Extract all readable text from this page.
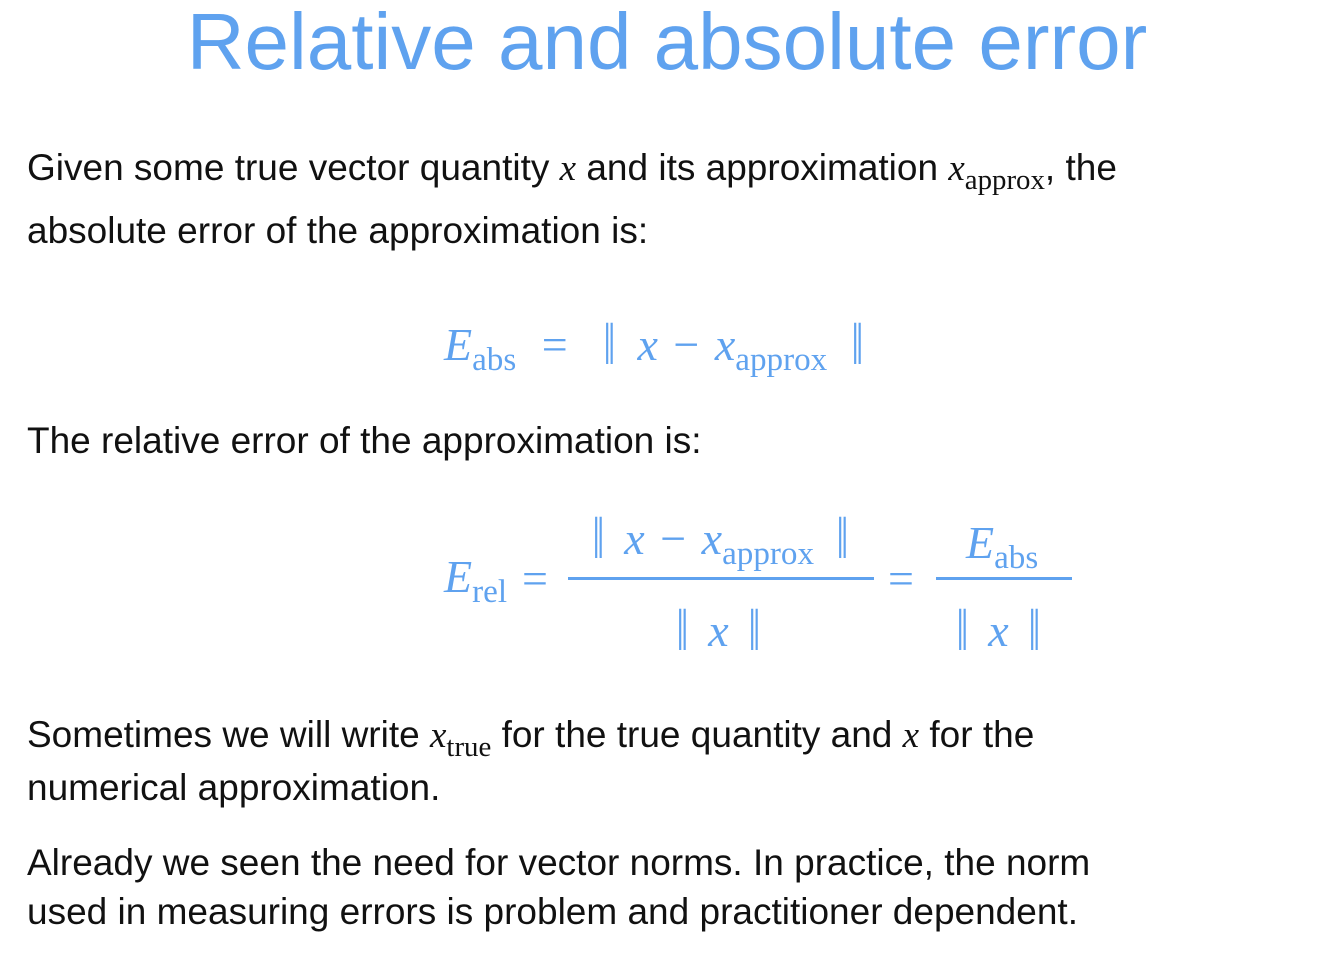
Relative and absolute error
Given some true vector quantity x and its approximation $x_{approx}$, the
absolute error of the approximation is:
$E_{abs}$ = ‖ $x - x_{approx}$ ‖
The relative error of the approximation is:
$E_{rel}$ =
‖ $x - x_{approx}$ ‖
‖ x ‖
=
$E_{abs}$
‖ x ‖
Sometimes we will write $x_{true}$ for the true quantity and x for the
numerical approximation.
Already we seen the need for vector norms. In practice, the norm
used in measuring errors is problem and practitioner dependent.
